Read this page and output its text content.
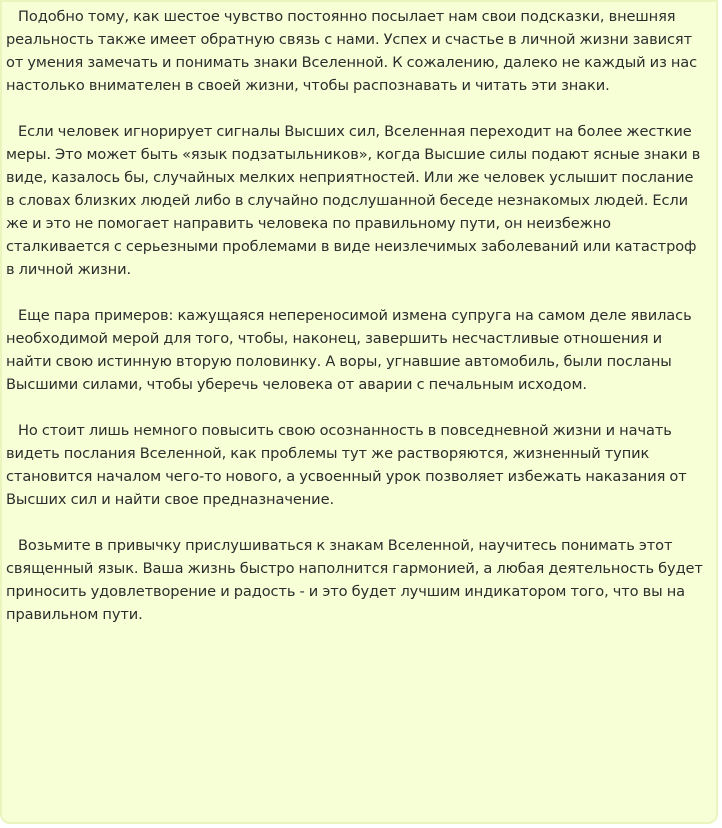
Подобно тому, как шестое чувство постоянно посылает нам свои подсказки, внешняя реальность также имеет обратную связь с нами. Успех и счастье в личной жизни зависят от умения замечать и понимать знаки Вселенной. К сожалению, далеко не каждый из нас настолько внимателен в своей жизни, чтобы распознавать и читать эти знаки.

Если человек игнорирует сигналы Высших сил, Вселенная переходит на более жесткие меры. Это может быть «язык подзатыльников», когда Высшие силы подают ясные знаки в виде, казалось бы, случайных мелких неприятностей. Или же человек услышит послание в словах близких людей либо в случайно подслушанной беседе незнакомых людей. Если же и это не помогает направить человека по правильному пути, он неизбежно сталкивается с серьезными проблемами в виде неизлечимых заболеваний или катастроф в личной жизни.

Еще пара примеров: кажущаяся непереносимой измена супруга на самом деле явилась необходимой мерой для того, чтобы, наконец, завершить несчастливые отношения и найти свою истинную вторую половинку. А воры, угнавшие автомобиль, были посланы Высшими силами, чтобы уберечь человека от аварии с печальным исходом.

Но стоит лишь немного повысить свою осознанность в повседневной жизни и начать видеть послания Вселенной, как проблемы тут же растворяются, жизненный тупик становится началом чего-то нового, а усвоенный урок позволяет избежать наказания от Высших сил и найти свое предназначение.

Возьмите в привычку прислушиваться к знакам Вселенной, научитесь понимать этот священный язык. Ваша жизнь быстро наполнится гармонией, а любая деятельность будет приносить удовлетворение и радость - и это будет лучшим индикатором того, что вы на правильном пути.
